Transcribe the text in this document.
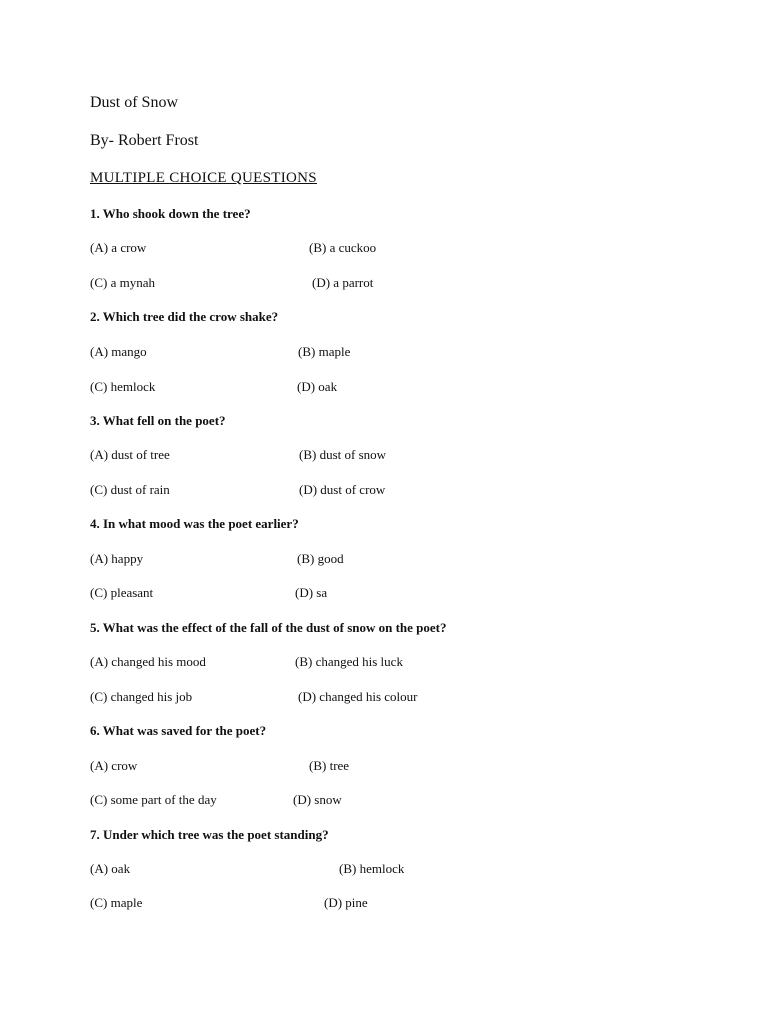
Dust of Snow
By- Robert Frost
MULTIPLE CHOICE QUESTIONS
1. Who shook down the tree?
(A) a crow	(B) a cuckoo
(C) a mynah	(D) a parrot
2. Which tree did the crow shake?
(A) mango	(B) maple
(C) hemlock	(D) oak
3. What fell on the poet?
(A) dust of tree	(B) dust of snow
(C) dust of rain	(D) dust of crow
4. In what mood was the poet earlier?
(A) happy	(B) good
(C) pleasant	(D) sa
5. What was the effect of the fall of the dust of snow on the poet?
(A) changed his mood	(B) changed his luck
(C) changed his job	(D) changed his colour
6. What was saved for the poet?
(A) crow	(B) tree
(C) some part of the day	(D) snow
7. Under which tree was the poet standing?
(A) oak	(B) hemlock
(C) maple	(D) pine
